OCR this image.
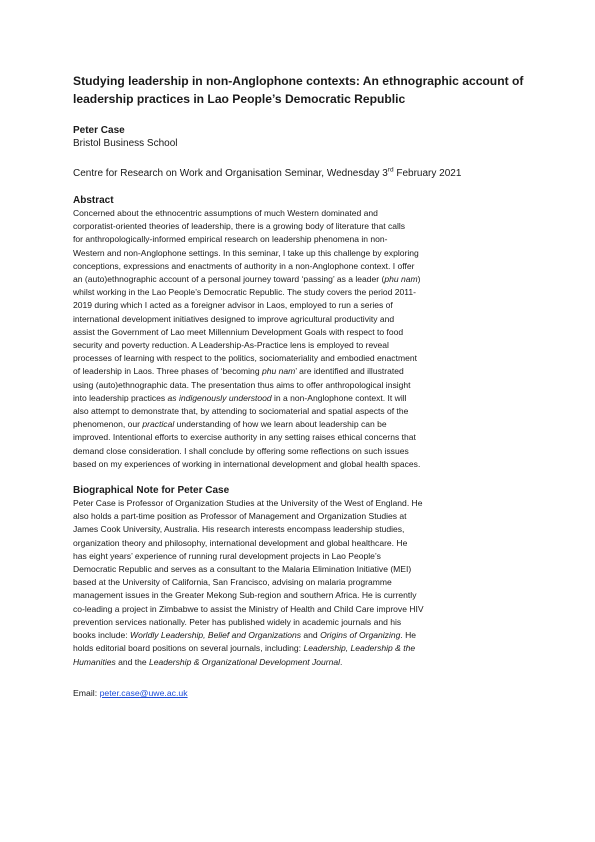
Studying leadership in non-Anglophone contexts: An ethnographic account of
leadership practices in Lao People’s Democratic Republic
Peter Case
Bristol Business School
Centre for Research on Work and Organisation Seminar, Wednesday 3rd February 2021
Abstract
Concerned about the ethnocentric assumptions of much Western dominated and
corporatist-oriented theories of leadership, there is a growing body of literature that calls
for anthropologically-informed empirical research on leadership phenomena in non-
Western and non-Anglophone settings. In this seminar, I take up this challenge by exploring
conceptions, expressions and enactments of authority in a non-Anglophone context. I offer
an (auto)ethnographic account of a personal journey toward ‘passing’ as a leader (phu nam)
whilst working in the Lao People’s Democratic Republic. The study covers the period 2011-
2019 during which I acted as a foreigner advisor in Laos, employed to run a series of
international development initiatives designed to improve agricultural productivity and
assist the Government of Lao meet Millennium Development Goals with respect to food
security and poverty reduction. A Leadership-As-Practice lens is employed to reveal
processes of learning with respect to the politics, sociomateriality and embodied enactment
of leadership in Laos. Three phases of ‘becoming phu nam’ are identified and illustrated
using (auto)ethnographic data. The presentation thus aims to offer anthropological insight
into leadership practices as indigenously understood in a non-Anglophone context. It will
also attempt to demonstrate that, by attending to sociomaterial and spatial aspects of the
phenomenon, our practical understanding of how we learn about leadership can be
improved. Intentional efforts to exercise authority in any setting raises ethical concerns that
demand close consideration. I shall conclude by offering some reflections on such issues
based on my experiences of working in international development and global health spaces.
Biographical Note for Peter Case
Peter Case is Professor of Organization Studies at the University of the West of England. He
also holds a part-time position as Professor of Management and Organization Studies at
James Cook University, Australia. His research interests encompass leadership studies,
organization theory and philosophy, international development and global healthcare. He
has eight years’ experience of running rural development projects in Lao People’s
Democratic Republic and serves as a consultant to the Malaria Elimination Initiative (MEI)
based at the University of California, San Francisco, advising on malaria programme
management issues in the Greater Mekong Sub-region and southern Africa. He is currently
co-leading a project in Zimbabwe to assist the Ministry of Health and Child Care improve HIV
prevention services nationally. Peter has published widely in academic journals and his
books include: Worldly Leadership, Belief and Organizations and Origins of Organizing. He
holds editorial board positions on several journals, including: Leadership, Leadership & the
Humanities and the Leadership & Organizational Development Journal.
Email: peter.case@uwe.ac.uk
